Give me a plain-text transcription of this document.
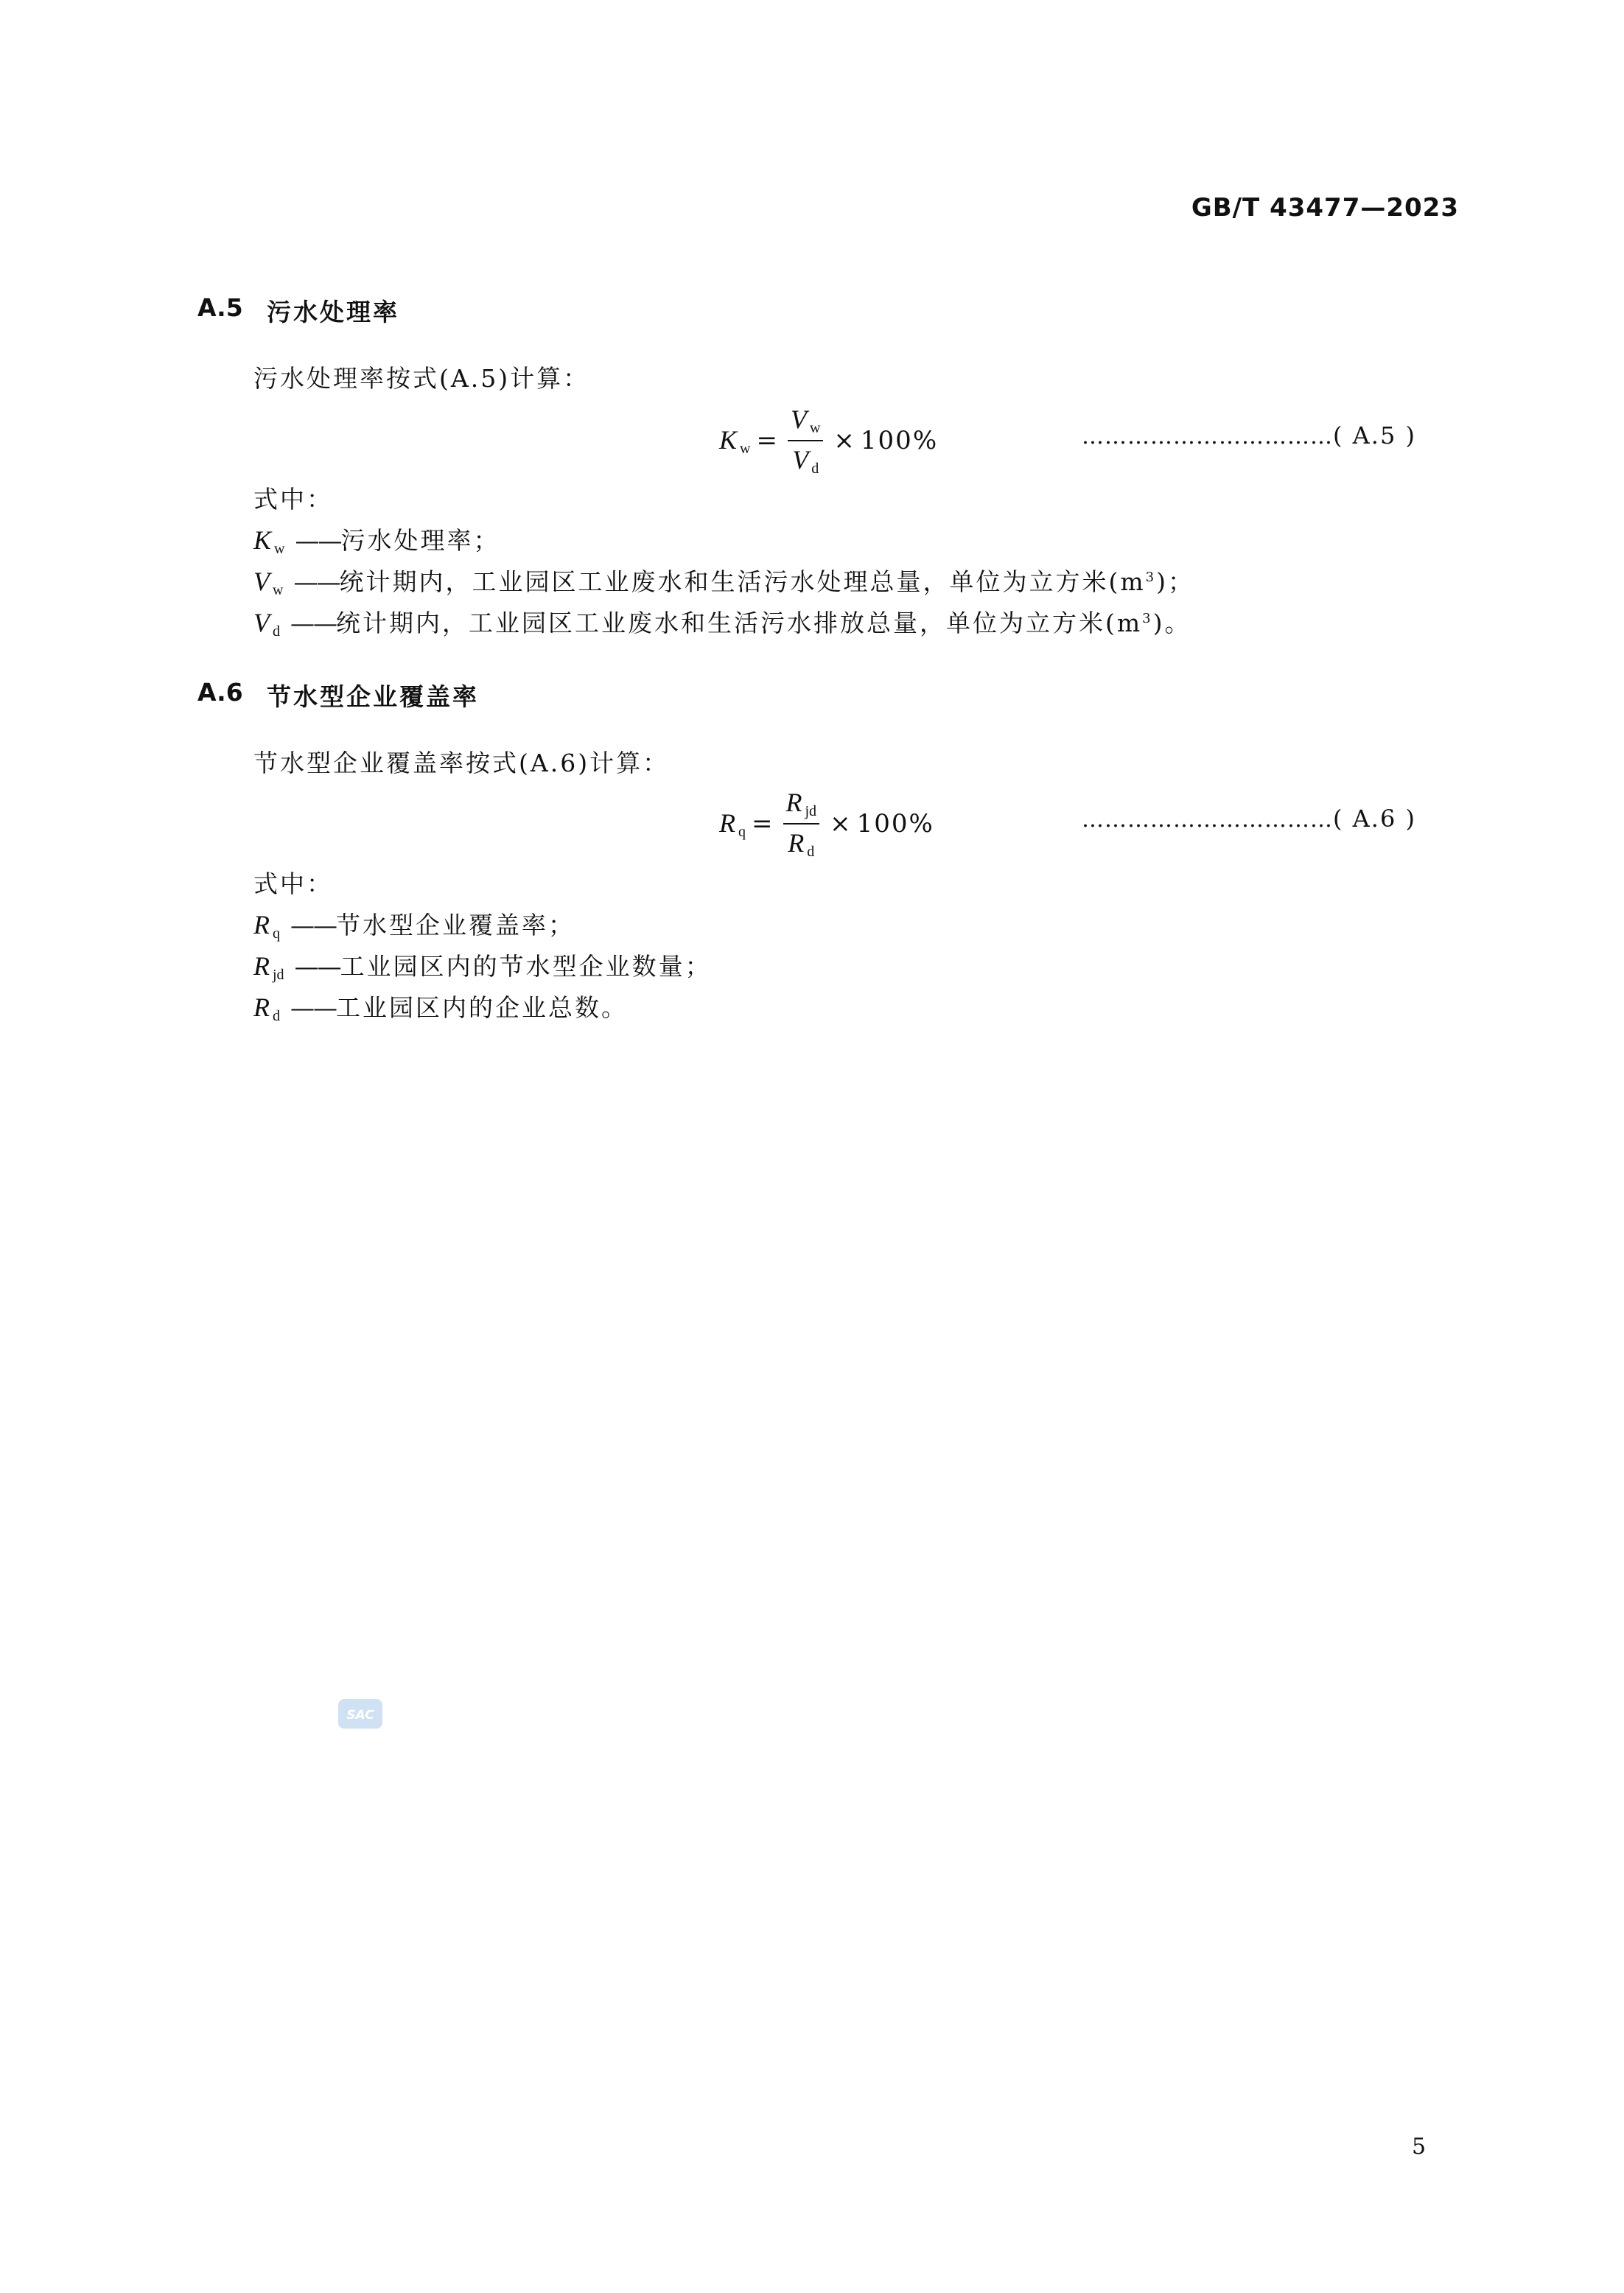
GB/T 43477—2023
A.5 污水处理率
污水处理率按式(A.5)计算：
K $_w = \frac{V _w}{V _d} \times 100\%$	……………………………( A.5 )
式中：
K $_w$ —— 污水处理率；
V $_w$ —— 统计期内，工业园区工业废水和生活污水处理总量，单位为立方米$(m^3)$；
V $_d$ —— 统计期内，工业园区工业废水和生活污水排放总量，单位为立方米$(m^3)$。
A.6 节水型企业覆盖率
节水型企业覆盖率按式(A.6)计算：
R $_q = \frac{R _{jd}}{R _d} \times 100\%$	……………………………( A.6 )
式中：
R $_q$ —— 节水型企业覆盖率；
R $_{jd}$ —— 工业园区内的节水型企业数量；
R $_d$ —— 工业园区内的企业总数。
SAC
5
